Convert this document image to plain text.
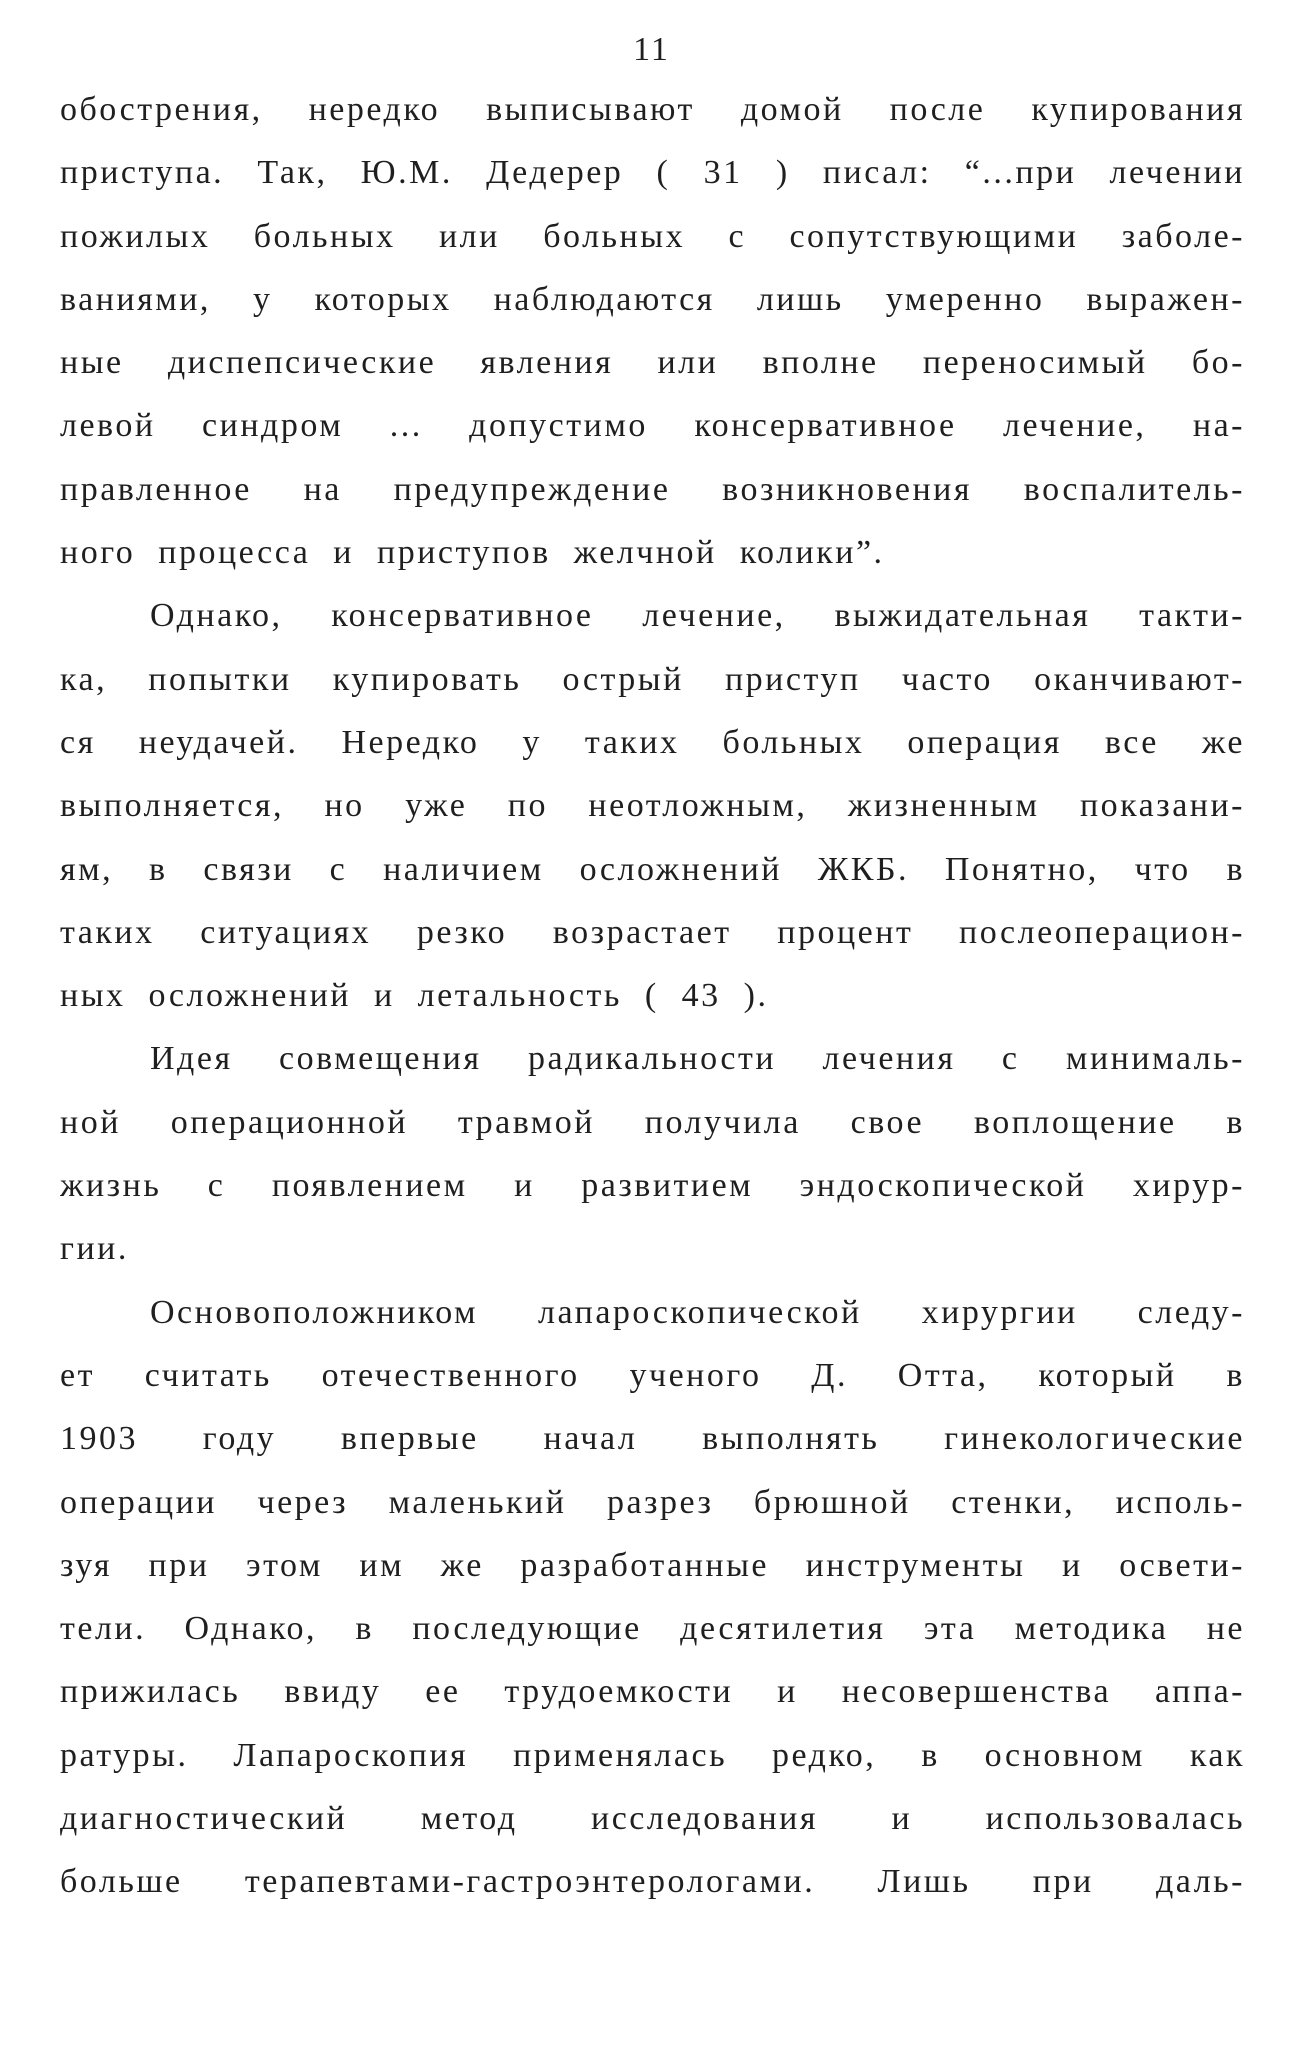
11
обострения, нередко выписывают домой после купирования
приступа. Так, Ю.М. Дедерер ( 31 ) писал: “...при лечении
пожилых больных или больных с сопутствующими заболе-
ваниями, у которых наблюдаются лишь умеренно выражен-
ные диспепсические явления или вполне переносимый бо-
левой синдром ... допустимо консервативное лечение, на-
правленное на предупреждение возникновения воспалитель-
ного процесса и приступов желчной колики”.
Однако, консервативное лечение, выжидательная такти-
ка, попытки купировать острый приступ часто оканчивают-
ся неудачей. Нередко у таких больных операция все же
выполняется, но уже по неотложным, жизненным показани-
ям, в связи с наличием осложнений ЖКБ. Понятно, что в
таких ситуациях резко возрастает процент послеоперацион-
ных осложнений и летальность ( 43 ).
Идея совмещения радикальности лечения с минималь-
ной операционной травмой получила свое воплощение в
жизнь с появлением и развитием эндоскопической хирур-
гии.
Основоположником лапароскопической хирургии следу-
ет считать отечественного ученого Д. Отта, который в
1903 году впервые начал выполнять гинекологические
операции через маленький разрез брюшной стенки, исполь-
зуя при этом им же разработанные инструменты и освети-
тели. Однако, в последующие десятилетия эта методика не
прижилась ввиду ее трудоемкости и несовершенства аппа-
ратуры. Лапароскопия применялась редко, в основном как
диагностический метод исследования и использовалась
больше терапевтами-гастроэнтерологами. Лишь при даль-
